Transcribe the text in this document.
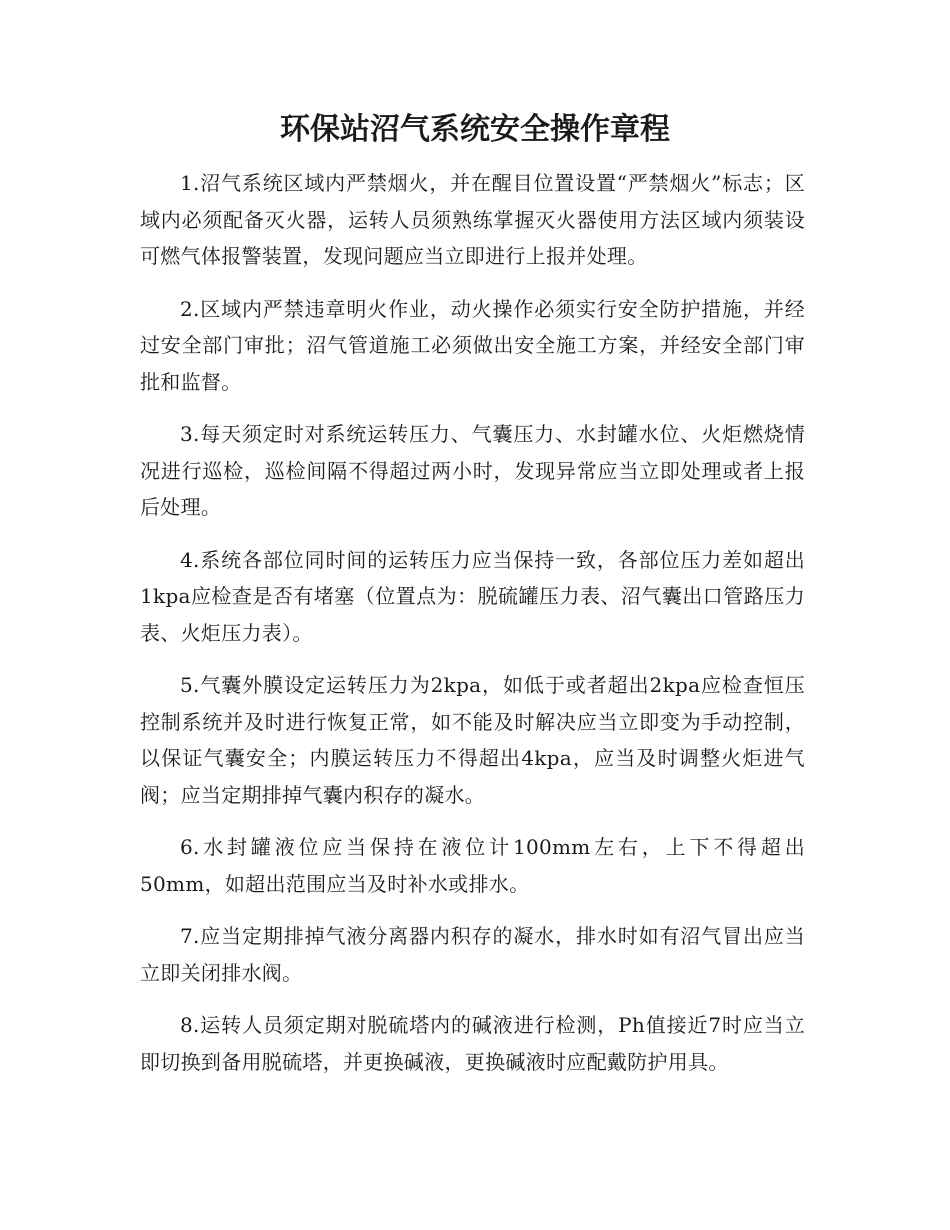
环保站沼气系统安全操作章程

1.沼气系统区域内严禁烟火，并在醒目位置设置“严禁烟火”标志；区域内必须配备灭火器，运转人员须熟练掌握灭火器使用方法区域内须装设可燃气体报警装置，发现问题应当立即进行上报并处理。

2.区域内严禁违章明火作业，动火操作必须实行安全防护措施，并经过安全部门审批；沼气管道施工必须做出安全施工方案，并经安全部门审批和监督。

3.每天须定时对系统运转压力、气囊压力、水封罐水位、火炬燃烧情况进行巡检，巡检间隔不得超过两小时，发现异常应当立即处理或者上报后处理。

4.系统各部位同时间的运转压力应当保持一致，各部位压力差如超出1kpa应检查是否有堵塞（位置点为：脱硫罐压力表、沼气囊出口管路压力表、火炬压力表）。

5.气囊外膜设定运转压力为2kpa，如低于或者超出2kpa应检查恒压控制系统并及时进行恢复正常，如不能及时解决应当立即变为手动控制，以保证气囊安全；内膜运转压力不得超出4kpa，应当及时调整火炬进气阀；应当定期排掉气囊内积存的凝水。

6.水封罐液位应当保持在液位计100mm左右，上下不得超出50mm，如超出范围应当及时补水或排水。

7.应当定期排掉气液分离器内积存的凝水，排水时如有沼气冒出应当立即关闭排水阀。

8.运转人员须定期对脱硫塔内的碱液进行检测，Ph值接近7时应当立即切换到备用脱硫塔，并更换碱液，更换碱液时应配戴防护用具。
